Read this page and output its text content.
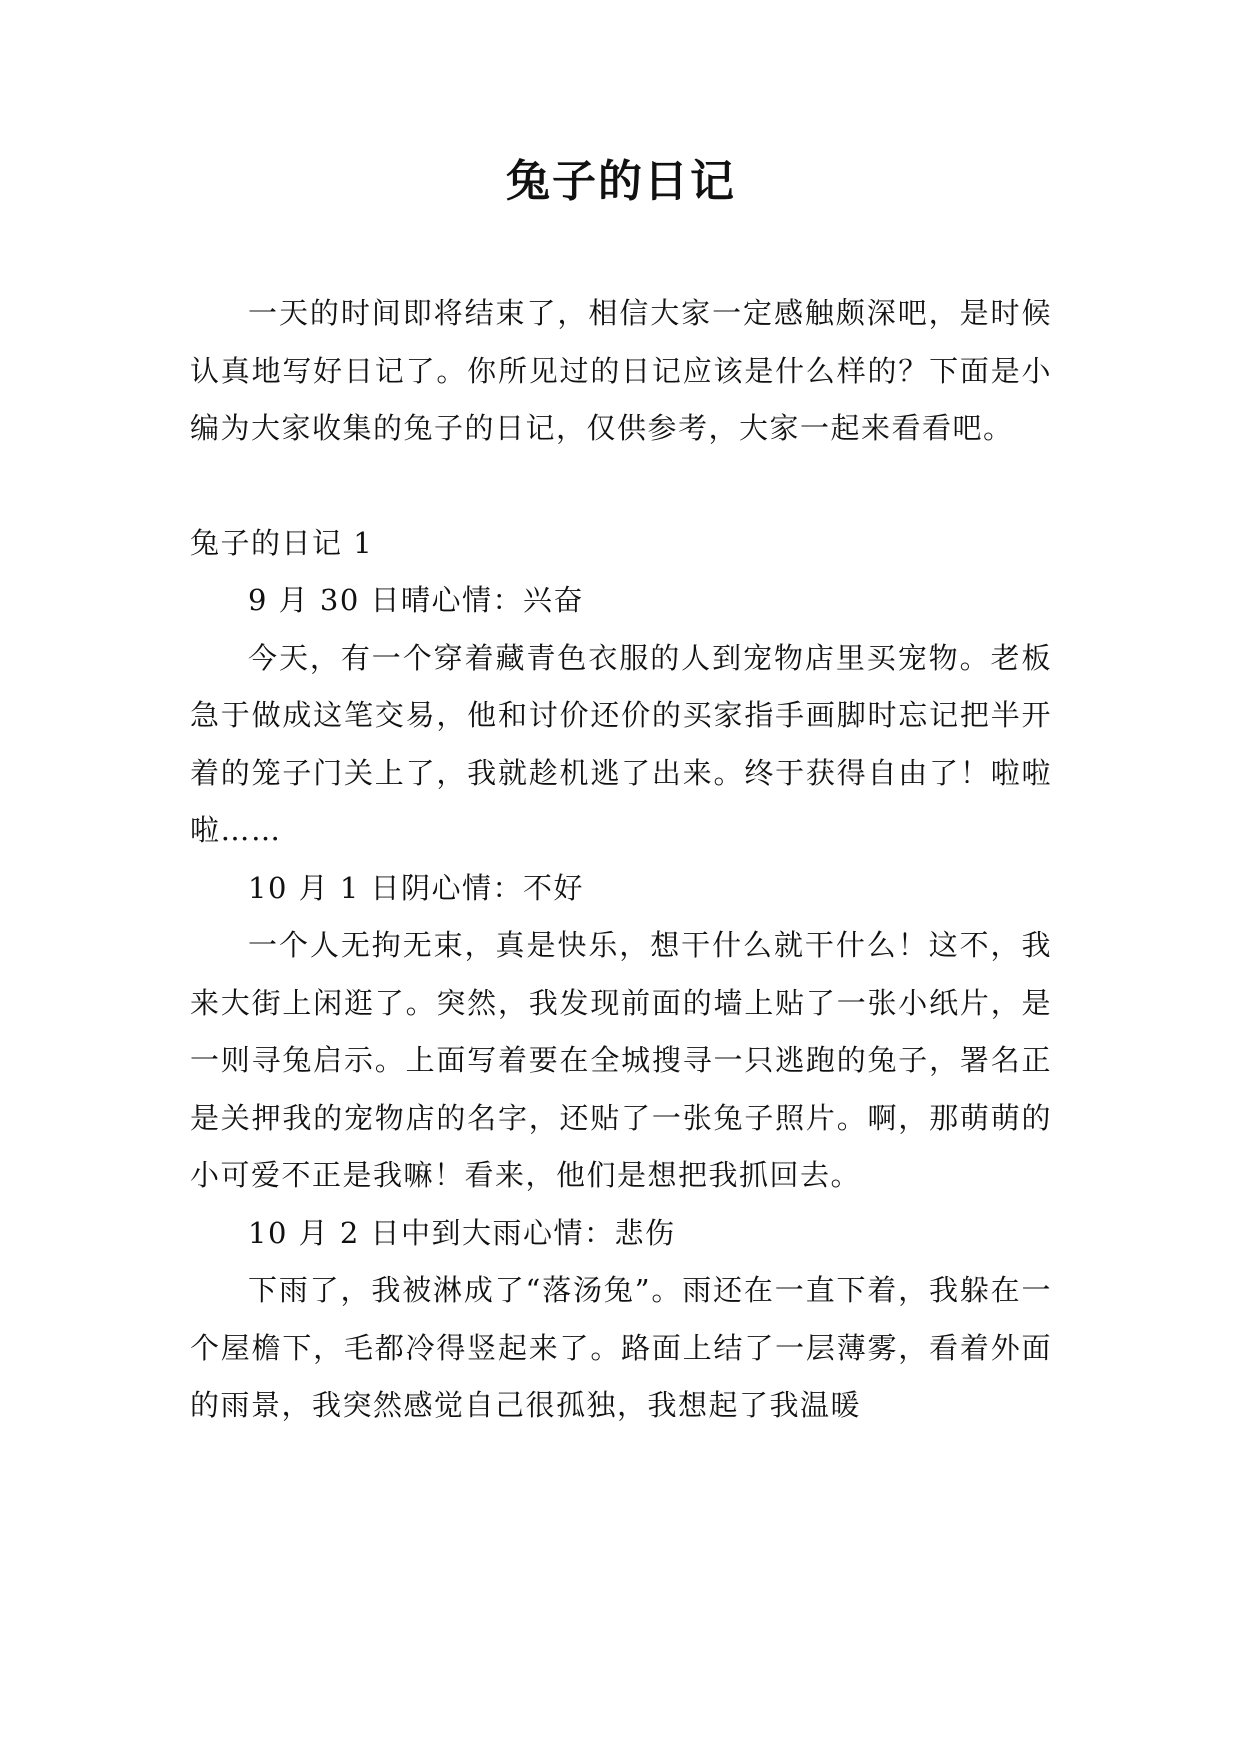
兔子的日记

一天的时间即将结束了，相信大家一定感触颇深吧，是时候认真地写好日记了。你所见过的日记应该是什么样的？下面是小编为大家收集的兔子的日记，仅供参考，大家一起来看看吧。

兔子的日记 1

9 月 30 日晴心情：兴奋

今天，有一个穿着藏青色衣服的人到宠物店里买宠物。老板急于做成这笔交易，他和讨价还价的买家指手画脚时忘记把半开着的笼子门关上了，我就趁机逃了出来。终于获得自由了！啦啦啦……

10 月 1 日阴心情：不好

一个人无拘无束，真是快乐，想干什么就干什么！这不，我来大街上闲逛了。突然，我发现前面的墙上贴了一张小纸片，是一则寻兔启示。上面写着要在全城搜寻一只逃跑的兔子，署名正是关押我的宠物店的名字，还贴了一张兔子照片。啊，那萌萌的小可爱不正是我嘛！看来，他们是想把我抓回去。

10 月 2 日中到大雨心情：悲伤

下雨了，我被淋成了“落汤兔”。雨还在一直下着，我躲在一个屋檐下，毛都冷得竖起来了。路面上结了一层薄雾，看着外面的雨景，我突然感觉自己很孤独，我想起了我温暖
